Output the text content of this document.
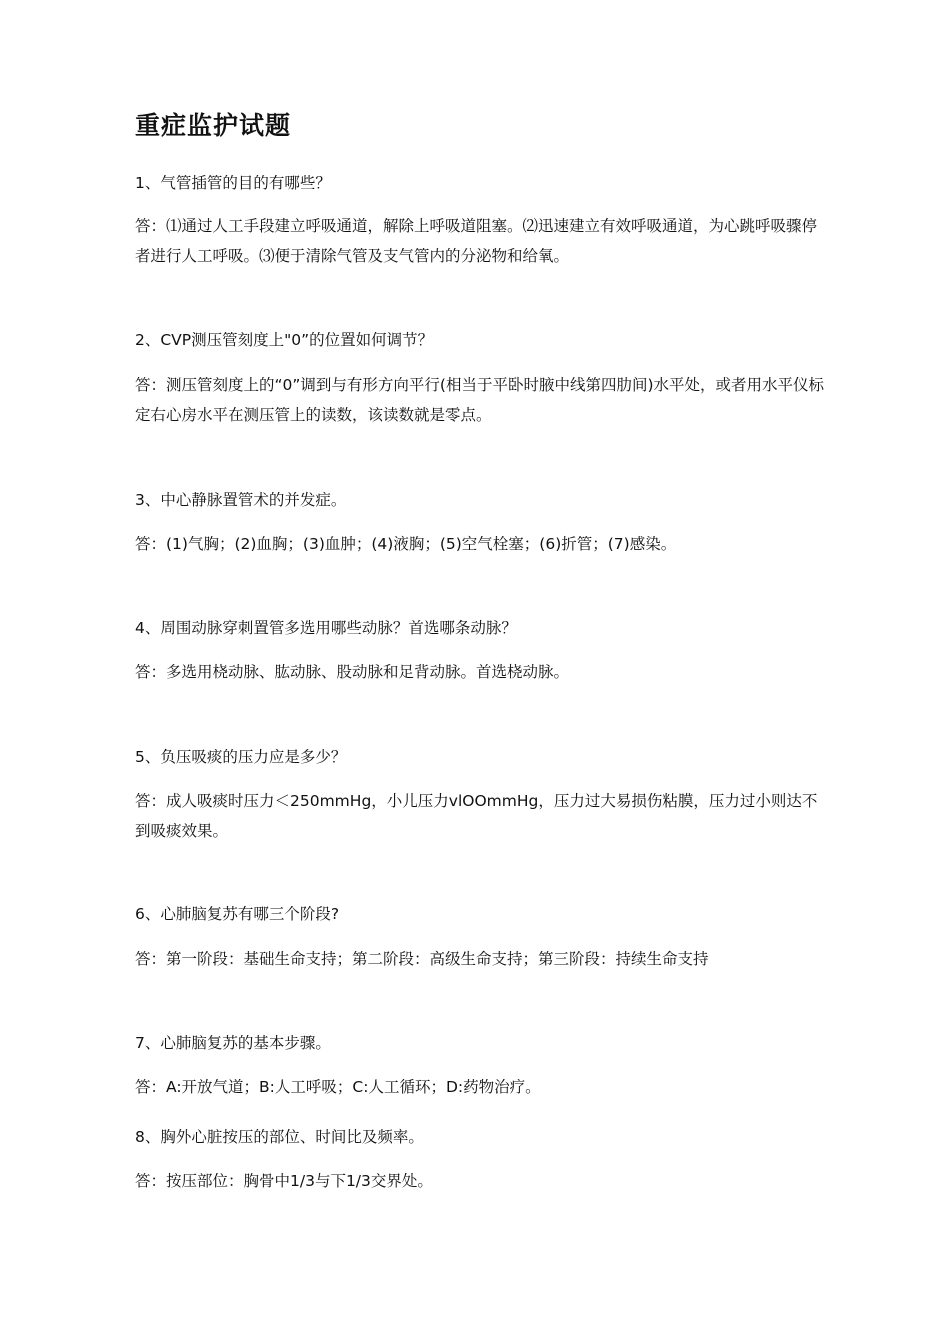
重症监护试题

1、气管插管的目的有哪些？

答：⑴通过人工手段建立呼吸通道，解除上呼吸道阻塞。⑵迅速建立有效呼吸通道，为心跳呼吸骤停者进行人工呼吸。⑶便于清除气管及支气管内的分泌物和给氧。

2、CVP测压管刻度上"0”的位置如何调节？

答：测压管刻度上的“0”调到与有形方向平行(相当于平卧时腋中线第四肋间)水平处，或者用水平仪标定右心房水平在测压管上的读数，该读数就是零点。

3、中心静脉置管术的并发症。

答：(1)气胸；(2)血胸；(3)血肿；(4)液胸；(5)空气栓塞；(6)折管；(7)感染。

4、周围动脉穿刺置管多选用哪些动脉？首选哪条动脉？

答：多选用桡动脉、肱动脉、股动脉和足背动脉。首选桡动脉。

5、负压吸痰的压力应是多少？

答：成人吸痰时压力＜250mmHg，小儿压力vlOOmmHg，压力过大易损伤粘膜，压力过小则达不到吸痰效果。

6、心肺脑复苏有哪三个阶段?

答：第一阶段：基础生命支持；第二阶段：高级生命支持；第三阶段：持续生命支持

7、心肺脑复苏的基本步骤。

答：A:开放气道；B:人工呼吸；C:人工循环；D:药物治疗。

8、胸外心脏按压的部位、时间比及频率。

答：按压部位：胸骨中1/3与下1/3交界处。
